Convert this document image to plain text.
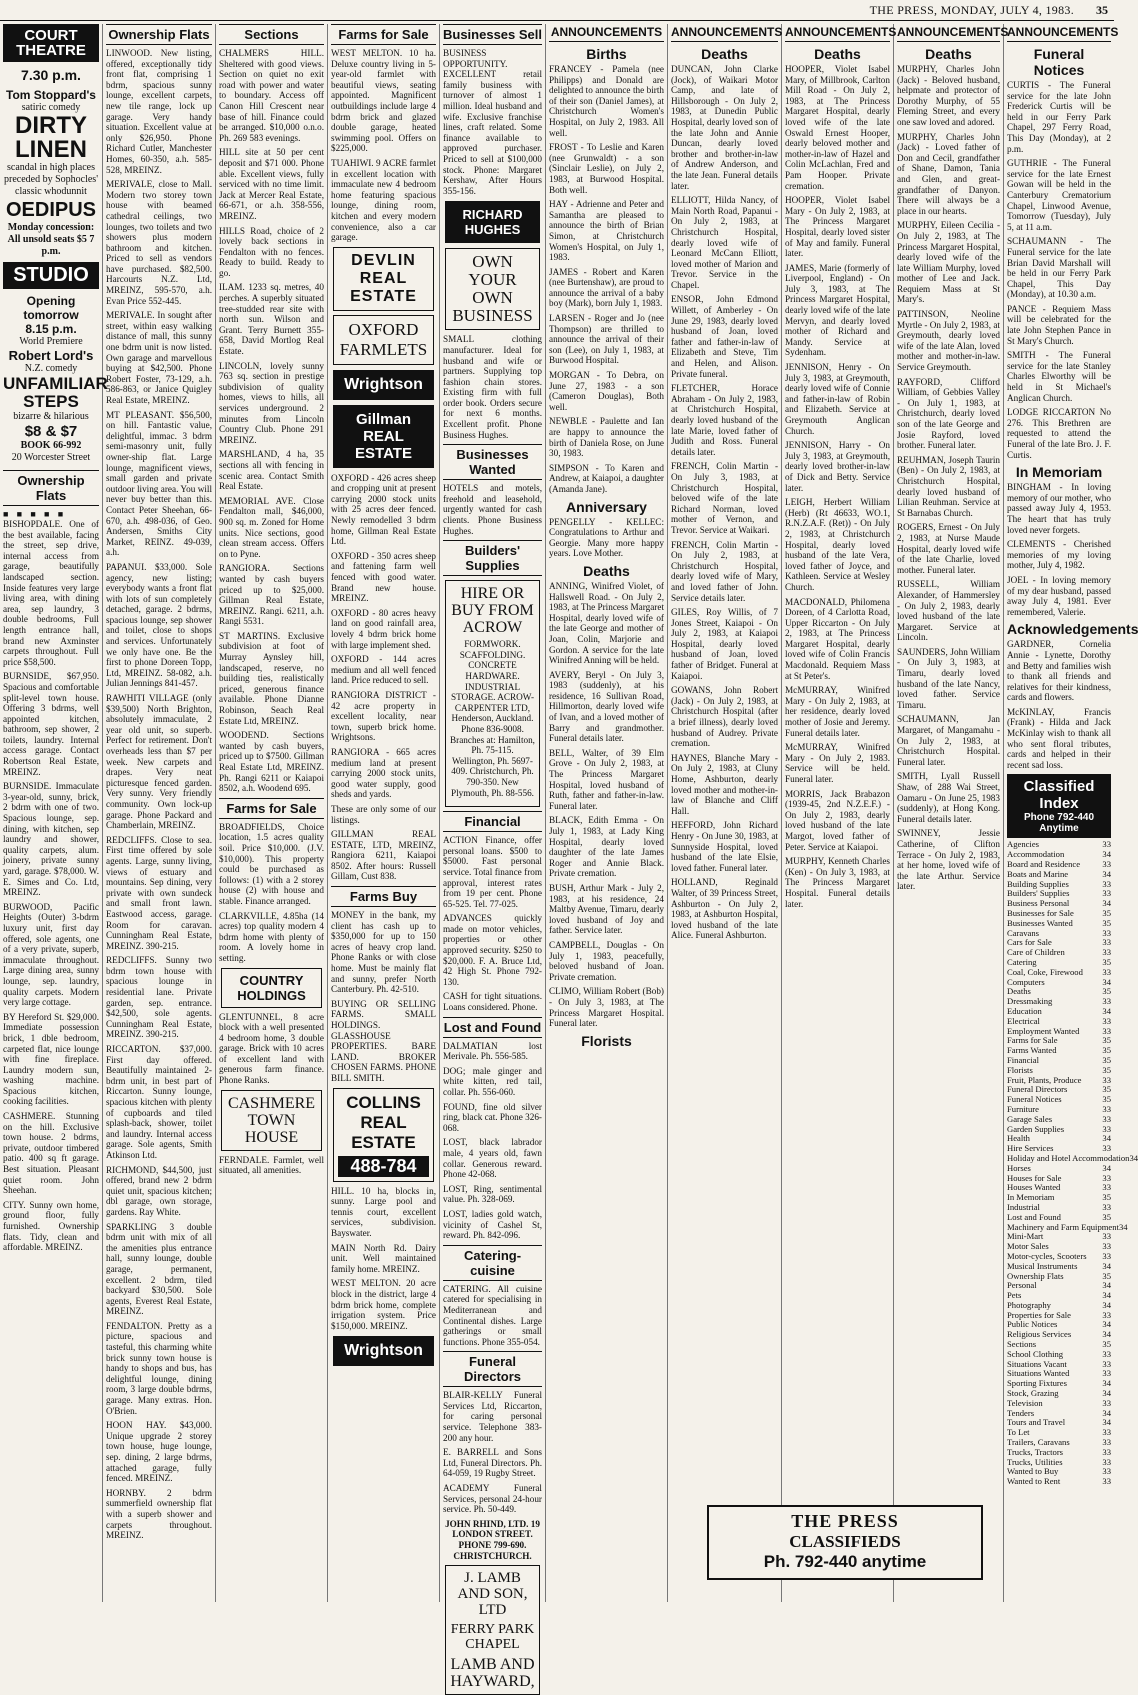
THE PRESS, MONDAY, JULY 4, 1983. 35
COURT THEATRE
7.30 p.m.
Tom Stoppard's
satiric comedy
DIRTY LINEN
scandal in high places
preceded by Sophocles' classic whodunnit
OEDIPUS
Monday concession:
All unsold seats $5 7 p.m.
STUDIO
Opening tomorrow
8.15 p.m.
World Premiere
Robert Lord's
N.Z. comedy
UNFAMILIAR STEPS
bizarre & hilarious
$8 & $7
BOOK 66-992
20 Worcester Street
Ownership Flats
■ ■ ■ ■ ■

BISHOPDALE. One of the best available, facing the street, sep drive, internal access from garage, beautifully landscaped section. Inside features very large living area, with dining area, sep laundry, 3 double bedrooms, Full length entrance hall, brand new Axminster carpets throughout. Full price $58,500.

BURNSIDE, $67,950. Spacious and comfortable split-level town house. Offering 3 bdrms, well appointed kitchen, bathroom, sep shower, 2 toilets, laundry. Internal access garage. Contact Robertson Real Estate, MREINZ.

BURNSIDE. Immaculate 3-year-old, sunny, brick, 2 bdrm with one of two. Spacious lounge, sep. dining, with kitchen, sep laundry and shower, quality carpets, alum. joinery, private sunny yard, garage. $78,000. W. E. Simes and Co. Ltd, MREINZ.

BURWOOD, Pacific Heights (Outer) 3-bdrm luxury unit, first day offered, sole agents, one of a very private, superb, immaculate throughout. Large dining area, sunny lounge, sep. laundry, quality carpets. Modern very large cottage.

BY Hereford St. $29,000. Immediate possession brick, 1 dble bedroom, carpeted flat, nice lounge with fine fireplace. Laundry modern sun, washing machine. Spacious kitchen, cooking facilities.

CASHMERE. Stunning on the hill. Exclusive town house. 2 bdrms, private, outdoor timbered patio. 400 sq ft garage. Best situation. Pleasant quiet room. John Sheehan.

CITY. Sunny own home, ground floor, fully furnished. Ownership flats. Tidy, clean and affordable. MREINZ.

Ownership Flats

LINWOOD. New listing, offered, exceptionally tidy front flat, comprising 1 bdrm, spacious sunny lounge, excellent carpets, new tile range, lock up garage. Very handy situation. Excellent value at only $26,950. Phone Richard Cutler, Manchester Homes, 60-350, a.h. 585-528, MREINZ.

MERIVALE, close to Mall. Modern two storey town house with beamed cathedral ceilings, two lounges, two toilets and two showers plus modern bathroom and kitchen. Priced to sell as vendors have purchased. $82,500. Harcourts N.Z. Ltd, MREINZ, 595-570, a.h. Evan Price 552-445.

MERIVALE. In sought after street, within easy walking distance of mall, this sunny one bdrm unit is now listed. Own garage and marvellous buying at $42,500. Phone Robert Foster, 73-129, a.h. 586-863, or Janice Quigley Real Estate, MREINZ.

MT PLEASANT. $56,500, on hill. Fantastic value, delightful, immac. 3 bdrm semi-masonry unit, fully owner-ship flat. Large lounge, magnificent views, small garden and private outdoor living area. You will never buy better than this. Contact Peter Sheehan, 66-670, a.h. 498-036, of Geo. Andersen, Smiths City Market, REINZ. 49-039, a.h.

PAPANUI. $33,000. Sole agency, new listing; everybody wants a front flat with lots of sun completely detached, garage. 2 bdrms, spacious lounge, sep shower and toilet, close to shops and services. Unfortunately we only have one. Be the first to phone Doreen Topp, Ltd, MREINZ. 58-082, a.h. Julian Jennings 841-457.

RAWHITI VILLAGE (only $39,500) North Brighton, absolutely immaculate, 2 year old unit, so superb. Perfect for retirement. Don't overheads less than $7 per week. New carpets and drapes. Very neat picturesque fenced garden. Very sunny. Very friendly community. Own lock-up garage. Phone Packard and Chamberlain, MREINZ.

REDCLIFFS. Close to sea. First time offered by sole agents. Large, sunny living, views of estuary and mountains. Sep dining, very private with own sundeck and small front lawn. Eastwood access, garage. Room for caravan. Cunningham Real Estate, MREINZ. 390-215.

REDCLIFFS. Sunny two bdrm town house with spacious lounge in residential lane. Private garden, sep. entrance. $42,500, sole agents. Cunningham Real Estate, MREINZ. 390-215.

RICCARTON. $37,000. First day offered. Beautifully maintained 2-bdrm unit, in best part of Riccarton. Sunny lounge, spacious kitchen with plenty of cupboards and tiled splash-back, shower, toilet and laundry. Internal access garage. Sole agents, Smith Atkinson Ltd.

RICHMOND, $44,500, just offered, brand new 2 bdrm quiet unit, spacious kitchen; dbl garage, own storage, gardens. Ray White.

SPARKLING 3 double bdrm unit with mix of all the amenities plus entrance hall, sunny lounge, double garage, permanent, excellent. 2 bdrm, tiled backyard $30,500. Sole agents, Everest Real Estate, MREINZ.

FENDALTON. Pretty as a picture, spacious and tasteful, this charming white brick sunny town house is handy to shops and bus, has delightful lounge, dining room, 3 large double bdrms, garage. Many extras. Hon. O'Brien.

HOON HAY. $43,000. Unique upgrade 2 storey town house, huge lounge, sep. dining, 2 large bdrms, attached garage, fully fenced. MREINZ.

HORNBY. 2 bdrm summerfield ownership flat with a superb shower and carpets throughout. MREINZ.

Sections

CHALMERS HILL. Sheltered with good views. Section on quiet no exit road with power and water to boundary. Access off Canon Hill Crescent near base of hill. Finance could be arranged. $10,000 o.n.o. Ph. 269 583 evenings.

HILL site at 50 per cent deposit and $71 000. Phone able. Excellent views, fully serviced with no time limit. Jack at Mercer Real Estate, 66-671, or a.h. 358-556, MREINZ.

HILLS Road, choice of 2 lovely back sections in Fendalton with no fences. Ready to build. Ready to go.

ILAM. 1233 sq. metres, 40 perches. A superbly situated tree-studded rear site with north sun. Wilson and Grant. Terry Burnett 355-658, David Mortlog Real Estate.

LINCOLN, lovely sunny 763 sq. section in prestige subdivision of quality homes, views to hills, all services underground. 2 minutes from Lincoln Country Club. Phone 291 MREINZ.

MARSHLAND, 4 ha, 35 sections all with fencing in scenic area. Contact Smith Real Estate.

MEMORIAL AVE. Close Fendalton mall, $46,000, 900 sq. m. Zoned for Home units. Nice sections, good clean stream access. Offers on to Pyne.

RANGIORA. Sections wanted by cash buyers priced up to $25,000. Gillman Real Estate, MREINZ. Rangi. 6211, a.h. Rangi 5531.

ST MARTINS. Exclusive subdivision at foot of Murray Aynsley hill, landscaped, reserve, no building ties, realistically priced, generous finance available. Phone Dianne Robinson, Seach Real Estate Ltd, MREINZ.

WOODEND. Sections wanted by cash buyers, priced up to $7500. Gillman Real Estate Ltd, MREINZ. Ph. Rangi 6211 or Kaiapoi 8502, a.h. Woodend 695.

Farms for Sale

BROADFIELDS, Choice location, 1.5 acres quality soil. Price $10,000. (J.V. $10,000). This property could be purchased as follows: (1) with a 2 storey house (2) with house and stable. Finance arranged.

CLARKVILLE, 4.85ha (14 acres) top quality modern 4 bdrm home with plenty of room. A lovely home in setting.

COUNTRY HOLDINGS

GLENTUNNEL, 8 acre block with a well presented 4 bedroom home, 3 double garage. Brick with 10 acres of excellent land with generous farm finance. Phone Ranks.

CASHMERE TOWN HOUSE

FERNDALE. Farmlet, well situated, all amenities.

Farms for Sale

WEST MELTON. 10 ha. Deluxe country living in 5-year-old farmlet with beautiful views, seating appointed. Magnificent outbuildings include large 4 bdrm brick and glazed double garage, heated swimming pool. Offers on $225,000.

TUAHIWI. 9 ACRE farmlet in excellent location with immaculate new 4 bedroom home featuring spacious lounge, dining room, kitchen and every modern convenience, also a car garage.

DEVLIN REAL ESTATE
OXFORD FARMLETS
Wrightson
Gillman REAL ESTATE

OXFORD - 426 acres sheep and cropping unit at present carrying 2000 stock units with 25 acres deer fenced. Newly remodelled 3 bdrm home, Gillman Real Estate Ltd.

OXFORD - 350 acres sheep and fattening farm well fenced with good water. Brand new house. MREINZ.

OXFORD - 80 acres heavy land on good rainfall area, lovely 4 bdrm brick home with large implement shed.

OXFORD - 144 acres medium and all well fenced land. Price reduced to sell.

RANGIORA DISTRICT - 42 acre property in excellent locality, near town, superb brick home. Wrightsons.

RANGIORA - 665 acres medium land at present carrying 2000 stock units, good water supply, good sheds and yards.

These are only some of our listings.

GILLMAN REAL ESTATE, LTD, MREINZ, Rangiora 6211, Kaiapoi 8502. After hours: Russell Gillam, Cust 838.

Farms Buy

MONEY in the bank, my client has cash up to $350,000 for up to 150 acres of heavy crop land. Phone Ranks or with close home. Must be mainly flat and sunny, prefer North Canterbury. Ph. 42-510.

BUYING OR SELLING FARMS. SMALL HOLDINGS. GLASSHOUSE PROPERTIES. BARE LAND. BROKER CHOSEN FARMS. PHONE BILL SMITH.

COLLINS REAL ESTATE
488-784

HILL. 10 ha, blocks in, sunny. Large pool and tennis court, excellent services, subdivision. Bayswater.

MAIN North Rd. Dairy unit. Well maintained family home. MREINZ.

WEST MELTON. 20 acre block in the district, large 4 bdrm brick home, complete irrigation system. Price $150,000. MREINZ.

Wrightson
Businesses Sell

BUSINESS OPPORTUNITY. EXCELLENT retail family business with turnover of almost 1 million. Ideal husband and wife. Exclusive franchise lines, craft related. Some finance available to approved purchaser. Priced to sell at $100,000 stock. Phone: Margaret Kershaw, After Hours 355-156.

RICHARD HUGHES
OWN YOUR OWN BUSINESS

SMALL clothing manufacturer. Ideal for husband and wife or partners. Supplying top fashion chain stores. Existing firm with full order book. Orders secure for next 6 months. Excellent profit. Phone Business Hughes.

Businesses Wanted

HOTELS and motels, freehold and leasehold, urgently wanted for cash clients. Phone Business Hughes.

Builders' Supplies
HIRE OR BUY FROM ACROW

FORMWORK. SCAFFOLDING. CONCRETE HARDWARE. INDUSTRIAL STORAGE. ACROW-CARPENTER LTD, Henderson, Auckland. Phone 836-9008. Branches at: Hamilton, Ph. 75-115. Wellington, Ph. 5697-409. Christchurch, Ph. 790-350. New Plymouth, Ph. 88-556.

Financial

ACTION Finance, offer personal loans. $500 to $5000. Fast personal service. Total finance from approval, interest rates from 19 per cent. Phone 65-525. Tel. 77-025.

ADVANCES quickly made on motor vehicles, properties or other approved security. $250 to $20,000. F. A. Bruce Ltd, 42 High St. Phone 792-130.

CASH for tight situations. Loans considered. Phone.

Lost and Found

DALMATIAN lost Merivale. Ph. 556-585.

DOG; male ginger and white kitten, red tail, collar. Ph. 556-060.

FOUND, fine old silver ring, black cat. Phone 326-068.

LOST, black labrador male, 4 years old, fawn collar. Generous reward. Phone 42-068.

LOST, Ring, sentimental value. Ph. 328-069.

LOST, ladies gold watch, vicinity of Cashel St, reward. Ph. 842-096.

Catering-cuisine

CATERING. All cuisine catered for specialising in Mediterranean and Continental dishes. Large gatherings or small functions. Phone 355-054.

Funeral Directors

BLAIR-KELLY Funeral Services Ltd, Riccarton, for caring personal service. Telephone 383-200 any hour.

E. BARRELL and Sons Ltd, Funeral Directors. Ph. 64-059, 19 Rugby Street.

ACADEMY Funeral Services, personal 24-hour service. Ph. 50-449.

JOHN RHIND, LTD. 19 LONDON STREET. PHONE 799-690. CHRISTCHURCH.

J. LAMB AND SON, LTD
FERRY PARK CHAPEL
LAMB AND HAYWARD,
ANNOUNCEMENTS
Births

FRANCEY - Pamela (nee Philipps) and Donald are delighted to announce the birth of their son (Daniel James), at Christchurch Women's Hospital, on July 2, 1983. All well.

FROST - To Leslie and Karen (nee Grunwaldt) - a son (Sinclair Leslie), on July 2, 1983, at Burwood Hospital. Both well.

HAY - Adrienne and Peter and Samantha are pleased to announce the birth of Brian Simon, at Christchurch Women's Hospital, on July 1, 1983.

JAMES - Robert and Karen (nee Burtenshaw), are proud to announce the arrival of a baby boy (Mark), born July 1, 1983.

LARSEN - Roger and Jo (nee Thompson) are thrilled to announce the arrival of their son (Lee), on July 1, 1983, at Burwood Hospital.

MORGAN - To Debra, on June 27, 1983 - a son (Cameron Douglas), Both well.

NEWBLE - Paulette and Ian are happy to announce the birth of Daniela Rose, on June 30, 1983.

SIMPSON - To Karen and Andrew, at Kaiapoi, a daughter (Amanda Jane).

Anniversary

PENGELLY - KELLEC: Congratulations to Arthur and Georgie. Many more happy years. Love Mother.

Deaths

ANNING, Winifred Violet, of Hallswell Road. - On July 2, 1983, at The Princess Margaret Hospital, dearly loved wife of the late George and mother of Joan, Colin, Marjorie and Gordon. A service for the late Winifred Anning will be held.

AVERY, Beryl - On July 3, 1983 (suddenly), at his residence, 16 Sullivan Road, Hillmorton, dearly loved wife of Ivan, and a loved mother of Barry and grandmother. Funeral details later.

BELL, Walter, of 39 Elm Grove - On July 2, 1983, at The Princess Margaret Hospital, loved husband of Ruth, father and father-in-law. Funeral later.

BLACK, Edith Emma - On July 1, 1983, at Lady King Hospital, dearly loved daughter of the late James Roger and Annie Black. Private cremation.

BUSH, Arthur Mark - July 2, 1983, at his residence, 24 Maltby Avenue, Timaru, dearly loved husband of Joy and father. Service later.

CAMPBELL, Douglas - On July 1, 1983, peacefully, beloved husband of Joan. Private cremation.

CLIMO, William Robert (Bob) - On July 3, 1983, at The Princess Margaret Hospital. Funeral later.

Florists
ANNOUNCEMENTS
Deaths

DUNCAN, John Clarke (Jock), of Waikari Motor Camp, and late of Hillsborough - On July 2, 1983, at Dunedin Public Hospital, dearly loved son of the late John and Annie Duncan, dearly loved brother and brother-in-law of Andrew Anderson, and the late Jean. Funeral details later.

ELLIOTT, Hilda Nancy, of Main North Road, Papanui - On July 2, 1983, at Christchurch Hospital, dearly loved wife of Leonard McCann Elliott, loved mother of Marion and Trevor. Service in the Chapel.

ENSOR, John Edmond Willett, of Amberley - On June 29, 1983, dearly loved husband of Joan, loved father and father-in-law of Elizabeth and Steve, Tim and Helen, and Alison. Private funeral.

FLETCHER, Horace Abraham - On July 2, 1983, at Christchurch Hospital, dearly loved husband of the late Marie, loved father of Judith and Ross. Funeral details later.

FRENCH, Colin Martin - On July 3, 1983, at Christchurch Hospital, beloved wife of the late Richard Norman, loved mother of Vernon, and Trevor. Service at Waikari.

FRENCH, Colin Martin - On July 2, 1983, at Christchurch Hospital, dearly loved wife of Mary, and loved father of John. Service details later.

GILES, Roy Willis, of 7 Jones Street, Kaiapoi - On July 2, 1983, at Kaiapoi Hospital, dearly loved husband of Joan, loved father of Bridget. Funeral at Kaiapoi.

GOWANS, John Robert (Jack) - On July 2, 1983, at Christchurch Hospital (after a brief illness), dearly loved husband of Audrey. Private cremation.

HAYNES, Blanche Mary - On July 2, 1983, at Cluny Home, Ashburton, dearly loved mother and mother-in-law of Blanche and Cliff Hall.

HEFFORD, John Richard Henry - On June 30, 1983, at Sunnyside Hospital, loved husband of the late Elsie, loved father. Funeral later.

HOLLAND, Reginald Walter, of 39 Princess Street, Ashburton - On July 2, 1983, at Ashburton Hospital, loved husband of the late Alice. Funeral Ashburton.

ANNOUNCEMENTS
Deaths

HOOPER, Violet Isabel Mary, of Millbrook, Carlton Mill Road - On July 2, 1983, at The Princess Margaret Hospital, dearly loved wife of the late Oswald Ernest Hooper, dearly beloved mother and mother-in-law of Hazel and Colin McLachlan, Fred and Pam Hooper. Private cremation.

HOOPER, Violet Isabel Mary - On July 2, 1983, at The Princess Margaret Hospital, dearly loved sister of May and family. Funeral later.

JAMES, Marie (formerly of Liverpool, England) - On July 3, 1983, at The Princess Margaret Hospital, dearly loved wife of the late Mervyn, and dearly loved mother of Richard and Mandy. Service at Sydenham.

JENNISON, Henry - On July 3, 1983, at Greymouth, dearly loved wife of Connie and father-in-law of Robin and Elizabeth. Service at Greymouth Anglican Church.

JENNISON, Harry - On July 3, 1983, at Greymouth, dearly loved brother-in-law of Dick and Betty. Service later.

LEIGH, Herbert William (Herb) (Rt 46633, WO.1, R.N.Z.A.F. (Ret)) - On July 2, 1983, at Christchurch Hospital, dearly loved husband of the late Vera, loved father of Joyce, and Kathleen. Service at Wesley Church.

MACDONALD, Philomena Doreen, of 4 Carlotta Road, Upper Riccarton - On July 2, 1983, at The Princess Margaret Hospital, dearly loved wife of Colin Francis Macdonald. Requiem Mass at St Peter's.

McMURRAY, Winifred Mary - On July 2, 1983, at her residence, dearly loved mother of Josie and Jeremy. Funeral details later.

McMURRAY, Winifred Mary - On July 2, 1983. Service will be held. Funeral later.

MORRIS, Jack Brabazon (1939-45, 2nd N.Z.E.F.) - On July 2, 1983, dearly loved husband of the late Margot, loved father of Peter. Service at Kaiapoi.

MURPHY, Kenneth Charles (Ken) - On July 3, 1983, at The Princess Margaret Hospital. Funeral details later.

ANNOUNCEMENTS
Deaths

MURPHY, Charles John (Jack) - Beloved husband, helpmate and protector of Dorothy Murphy, of 55 Fleming Street, and every one saw loved and adored.

MURPHY, Charles John (Jack) - Loved father of Don and Cecil, grandfather of Shane, Damon, Tania and Glen, and great-grandfather of Danyon. There will always be a place in our hearts.

MURPHY, Eileen Cecilia - On July 2, 1983, at The Princess Margaret Hospital, dearly loved wife of the late William Murphy, loved mother of Lee and Jack. Requiem Mass at St Mary's.

PATTINSON, Neoline Myrtle - On July 2, 1983, at Greymouth, dearly loved wife of the late Alan, loved mother and mother-in-law. Service Greymouth.

RAYFORD, Clifford William, of Gebbies Valley - On July 1, 1983, at Christchurch, dearly loved son of the late George and Josie Rayford, loved brother. Funeral later.

REUHMAN, Joseph Taurin (Ben) - On July 2, 1983, at Christchurch Hospital, dearly loved husband of Lilian Reuhman. Service at St Barnabas Church.

ROGERS, Ernest - On July 2, 1983, at Nurse Maude Hospital, dearly loved wife of the late Charlie, loved mother. Funeral later.

RUSSELL, William Alexander, of Hammersley - On July 2, 1983, dearly loved husband of the late Margaret. Service at Lincoln.

SAUNDERS, John William - On July 3, 1983, at Timaru, dearly loved husband of the late Nancy, loved father. Service Timaru.

SCHAUMANN, Jan Margaret, of Mangamahu - On July 2, 1983, at Christchurch Hospital. Funeral later.

SMITH, Lyall Russell Shaw, of 288 Wai Street, Oamaru - On June 25, 1983 (suddenly), at Hong Kong. Funeral details later.

SWINNEY, Jessie Catherine, of Clifton Terrace - On July 2, 1983, at her home, loved wife of the late Arthur. Service later.

ANNOUNCEMENTS
Funeral Notices

CURTIS - The Funeral service for the late John Frederick Curtis will be held in our Ferry Park Chapel, 297 Ferry Road, This Day (Monday), at 2 p.m.

GUTHRIE - The Funeral service for the late Ernest Gowan will be held in the Canterbury Crematorium Chapel, Linwood Avenue, Tomorrow (Tuesday), July 5, at 11 a.m.

SCHAUMANN - The Funeral service for the late Brian David Marshall will be held in our Ferry Park Chapel, This Day (Monday), at 10.30 a.m.

PANCE - Requiem Mass will be celebrated for the late John Stephen Pance in St Mary's Church.

SMITH - The Funeral service for the late Stanley Charles Elworthy will be held in St Michael's Anglican Church.

LODGE RICCARTON No 276. This Brethren are requested to attend the Funeral of the late Bro. J. F. Curtis.

In Memoriam

BINGHAM - In loving memory of our mother, who passed away July 4, 1953. The heart that has truly loved never forgets.

CLEMENTS - Cherished memories of my loving mother, July 4, 1982.

JOEL - In loving memory of my dear husband, passed away July 4, 1981. Ever remembered, Valerie.

Acknowledgements

GARDNER, Cornelia Annie - Lynette, Dorothy and Betty and families wish to thank all friends and relatives for their kindness, cards and flowers.

McKINLAY, Francis (Frank) - Hilda and Jack McKinlay wish to thank all who sent floral tributes, cards and helped in their recent sad loss.

Classified Index
Phone 792-440 Anytime
Agencies	33
Accommodation	34
Board and Residence	33
Boats and Marine	34
Building Supplies	33
Builders' Supplies	33
Business Personal	34
Businesses for Sale	35
Businesses Wanted	35
Caravans	33
Cars for Sale	33
Care of Children	33
Catering	35
Coal, Coke, Firewood 33
Computers	34
Deaths	35
Dressmaking	33
Education	34
Electrical	33
Employment Wanted	33
Farms for Sale	35
Farms Wanted	35
Financial	35
Florists	35
Fruit, Plants, Produce 33
Funeral Directors	35
Funeral Notices	35
Furniture	33
Garage Sales	33
Garden Supplies	33
Health	34
Hire Services	33
Holiday and Hotel Accommodation 34
Horses	34
Houses for Sale	33
Houses Wanted	33
In Memoriam	35
Industrial	33
Lost and Found	35
Machinery and Farm Equipment 34
Mini-Mart	33
Motor Sales	33
Motor-cycles, Scooters 33
Musical Instruments	34
Ownership Flats	35
Personal	34
Pets	34
Photography	34
Properties for Sale	33
Public Notices	34
Religious Services	34
Sections	35
School Clothing	33
Situations Vacant	33
Situations Wanted	33
Sporting Fixtures	34
Stock, Grazing	34
Television	33
Tenders	34
Tours and Travel	34
To Let	33
Trailers, Caravans	33
Trucks, Tractors	33
Trucks, Utilities	33
Wanted to Buy	33
Wanted to Rent	33
THE PRESS
CLASSIFIEDS
Ph. 792-440 anytime
